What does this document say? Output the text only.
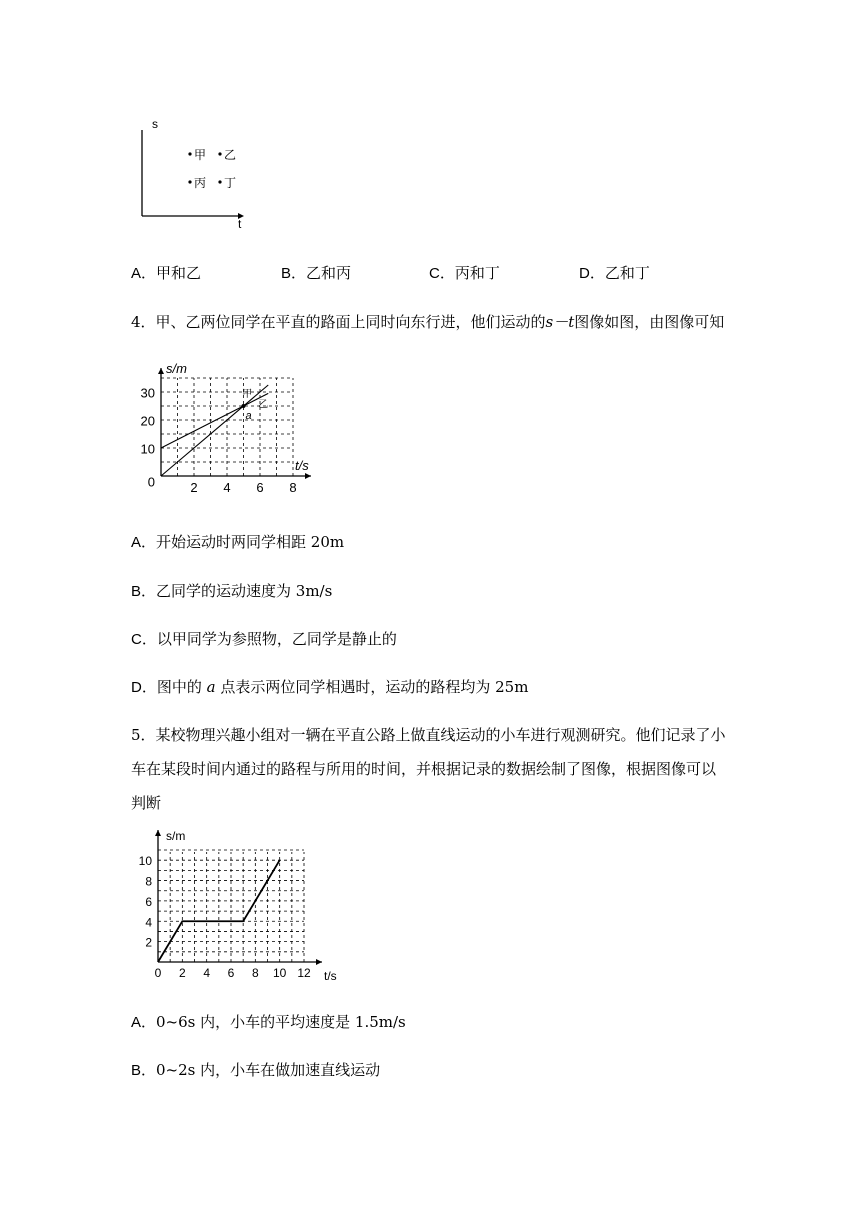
s
t
甲 乙
丙 丁
A．甲和乙	B．乙和丙	C．丙和丁	D．乙和丁
4．甲、乙两位同学在平直的路面上同时向东行进，他们运动的s－t图像如图，由图像可知
s/m
t/s
2 4 6 8
0
10
20
30	甲
乙
a
A．开始运动时两同学相距 20m
B．乙同学的运动速度为 3m/s
C．以甲同学为参照物，乙同学是静止的
D．图中的 a 点表示两位同学相遇时，运动的路程均为 25m
5．某校物理兴趣小组对一辆在平直公路上做直线运动的小车进行观测研究。他们记录了小
车在某段时间内通过的路程与所用的时间，并根据记录的数据绘制了图像，根据图像可以
判断
s/m
t/s
0 2 4 6 8 10 12
2
4
6
8
10
A．0~6s 内，小车的平均速度是 1.5m/s
B．0~2s 内，小车在做加速直线运动
